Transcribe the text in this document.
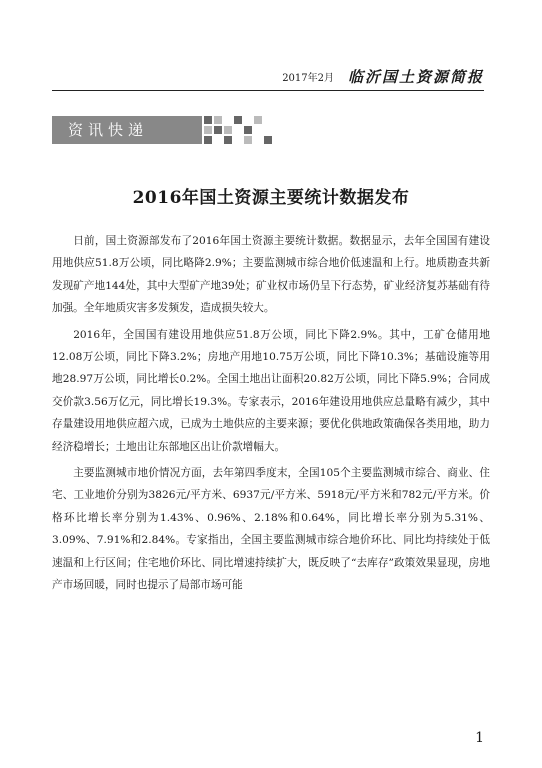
2017年2月 临沂国土资源简报
资讯快递
2016年国土资源主要统计数据发布

日前，国土资源部发布了2016年国土资源主要统计数据。数据显示，去年全国国有建设用地供应51.8万公顷，同比略降2.9%；主要监测城市综合地价低速温和上行。地质勘查共新发现矿产地144处，其中大型矿产地39处；矿业权市场仍呈下行态势，矿业经济复苏基础有待加强。全年地质灾害多发频发，造成损失较大。

2016年，全国国有建设用地供应51.8万公顷，同比下降2.9%。其中，工矿仓储用地12.08万公顷，同比下降3.2%；房地产用地10.75万公顷，同比下降10.3%；基础设施等用地28.97万公顷，同比增长0.2%。全国土地出让面积20.82万公顷，同比下降5.9%；合同成交价款3.56万亿元，同比增长19.3%。专家表示，2016年建设用地供应总量略有减少，其中存量建设用地供应超六成，已成为土地供应的主要来源；要优化供地政策确保各类用地，助力经济稳增长；土地出让东部地区出让价款增幅大。

主要监测城市地价情况方面，去年第四季度末，全国105个主要监测城市综合、商业、住宅、工业地价分别为3826元/平方米、6937元/平方米、5918元/平方米和782元/平方米。价格环比增长率分别为1.43%、0.96%、2.18%和0.64%，同比增长率分别为5.31%、3.09%、7.91%和2.84%。专家指出，全国主要监测城市综合地价环比、同比均持续处于低速温和上行区间；住宅地价环比、同比增速持续扩大，既反映了“去库存”政策效果显现，房地产市场回暖，同时也提示了局部市场可能

1
